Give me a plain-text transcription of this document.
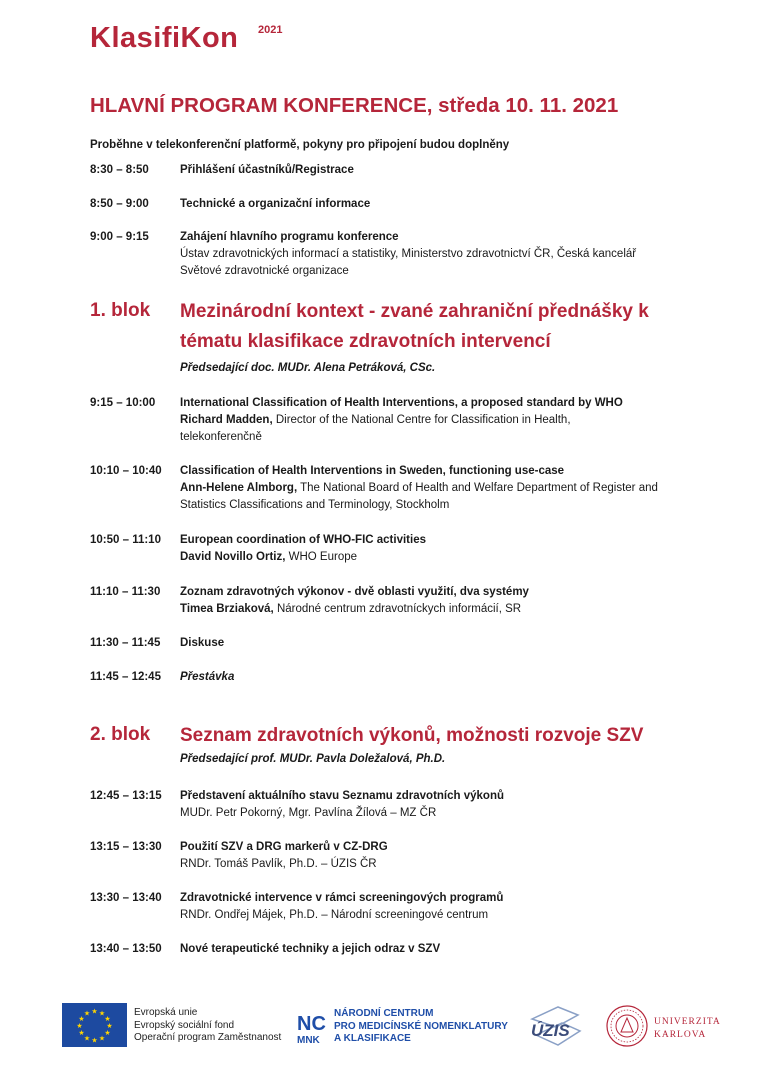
KlasifiKon 2021
HLAVNÍ PROGRAM KONFERENCE, středa 10. 11. 2021
Proběhne v telekonferenční platformě, pokyny pro připojení budou doplněny
8:30 – 8:50	Přihlášení účastníků/Registrace
8:50 – 9:00	Technické a organizační informace
9:00 – 9:15	Zahájení hlavního programu konference
Ústav zdravotnických informací a statistiky, Ministerstvo zdravotnictví ČR, Česká kancelář Světové zdravotnické organizace
1. blok Mezinárodní kontext - zvané zahraniční přednášky k tématu klasifikace zdravotních intervencí
Předsedající doc. MUDr. Alena Petráková, CSc.
9:15 – 10:00 International Classification of Health Interventions, a proposed standard by WHO
Richard Madden, Director of the National Centre for Classification in Health, telekonferenčně
10:10 – 10:40 Classification of Health Interventions in Sweden, functioning use-case
Ann-Helene Almborg, The National Board of Health and Welfare Department of Register and Statistics Classifications and Terminology, Stockholm
10:50 – 11:10 European coordination of WHO-FIC activities
David Novillo Ortiz, WHO Europe
11:10 – 11:30 Zoznam zdravotných výkonov - dvě oblasti využití, dva systémy
Timea Brziaková, Národné centrum zdravotníckych informácií, SR
11:30 – 11:45 Diskuse
11:45 – 12:45 Přestávka
2. blok Seznam zdravotních výkonů, možnosti rozvoje SZV
Předsedající prof. MUDr. Pavla Doležalová, Ph.D.
12:45 – 13:15 Představení aktuálního stavu Seznamu zdravotních výkonů
MUDr. Petr Pokorný, Mgr. Pavlína Žílová – MZ ČR
13:15 – 13:30 Použití SZV a DRG markerů v CZ-DRG
RNDr. Tomáš Pavlík, Ph.D. – ÚZIS ČR
13:30 – 13:40 Zdravotnické intervence v rámci screeningových programů
RNDr. Ondřej Májek, Ph.D. – Národní screeningové centrum
13:40 – 13:50 Nové terapeutické techniky a jejich odraz v SZV
★ ★
★
★
★
★
★
★
★
★
★
★	Evropská unie
Evropský sociální fond
Operační program Zaměstnanost
NC
MNK
NÁRODNÍ CENTRUM
PRO MEDICÍNSKÉ NOMENKLATURY
A KLASIFIKACE	ÚZIS	UNIVERZITA
KARLOVA
